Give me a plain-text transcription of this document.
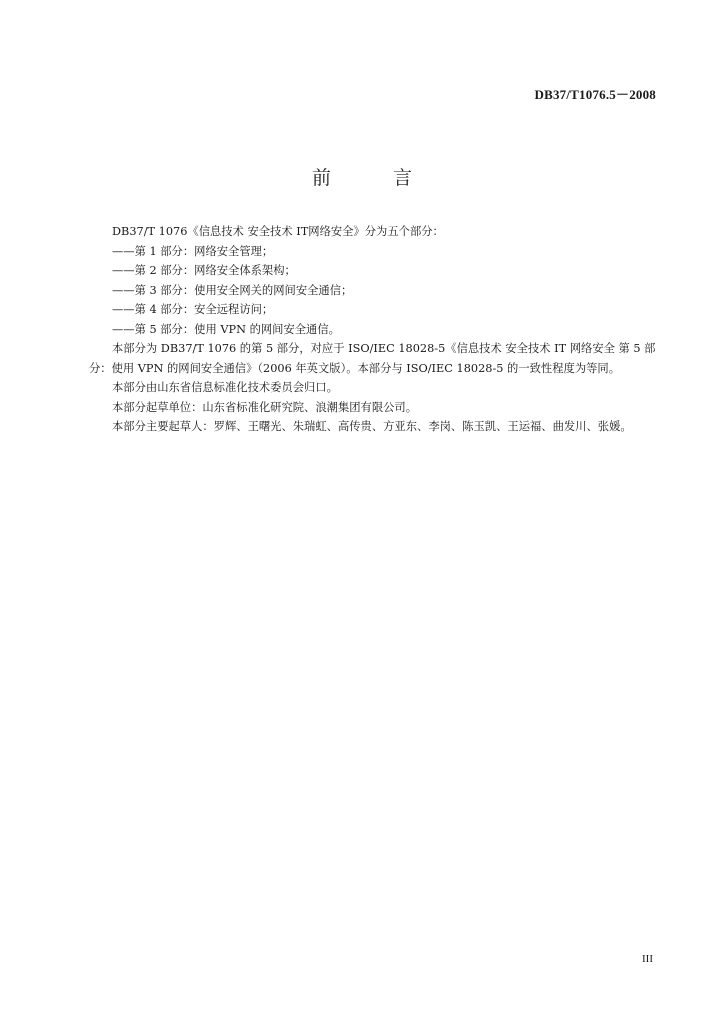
DB37/T1076.5－2008
前 言

DB37/T 1076《信息技术 安全技术 IT网络安全》分为五个部分：

——第 1 部分：网络安全管理；

——第 2 部分：网络安全体系架构；

——第 3 部分：使用安全网关的网间安全通信；

——第 4 部分：安全远程访问；

——第 5 部分：使用 VPN 的网间安全通信。

本部分为 DB37/T 1076 的第 5 部分，对应于 ISO/IEC 18028-5《信息技术 安全技术 IT 网络安全 第 5 部分：使用 VPN 的网间安全通信》（2006 年英文版）。本部分与 ISO/IEC 18028-5 的一致性程度为等同。

本部分由山东省信息标准化技术委员会归口。

本部分起草单位：山东省标准化研究院、浪潮集团有限公司。

本部分主要起草人：罗辉、王曙光、朱瑞虹、高传贵、方亚东、李岗、陈玉凯、王运福、曲发川、张媛。

III
